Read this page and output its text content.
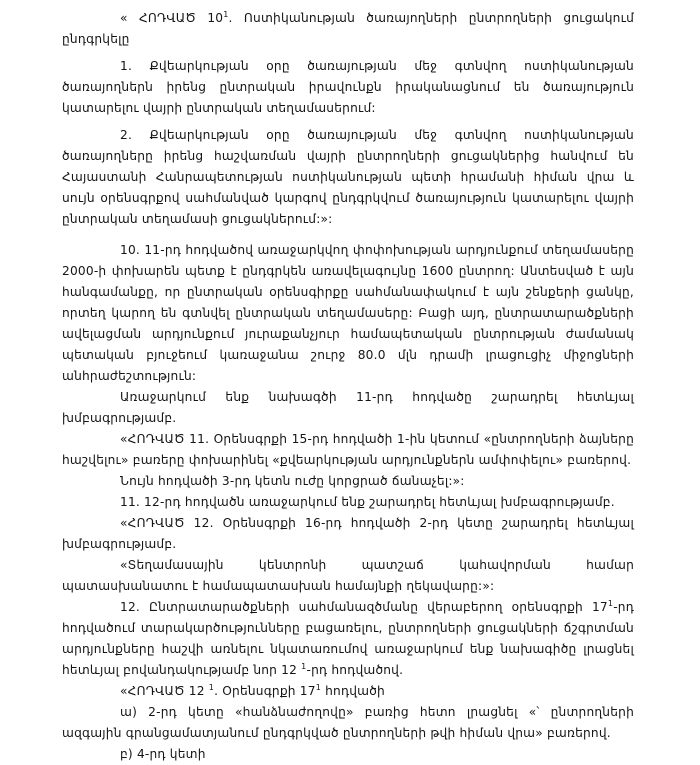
« ՀՈԴՎԱԾ $10^1$. Ոստիկանության ծառայողների ընտրողների ցուցակում ընդգրկելը

1. Քվեարկության օրը ծառայության մեջ գտնվող ոստիկանության ծառայողներն իրենց ընտրական իրավունքն իրականացնում են ծառայություն կատարելու վայրի ընտրական տեղամասերում:

2. Քվեարկության օրը ծառայության մեջ գտնվող ոստիկանության ծառայողները իրենց հաշվառման վայրի ընտրողների ցուցակներից հանվում են Հայաստանի Հանրապետության ոստիկանության պետի հրամանի հիման վրա և սույն օրենսգրքով սահմանված կարգով ընդգրկվում ծառայություն կատարելու վայրի ընտրական տեղամասի ցուցակներում:»:

10. 11-րդ հոդվածով առաջարկվող փոփոխության արդյունքում տեղամասերը 2000-ի փոխարեն պետք է ընդգրկեն առավելագույնը 1600 ընտրող: Անտեսված է այն հանգամանքը, որ ընտրական օրենսգիրքը սահմանափակում է այն շենքերի ցանկը, որտեղ կարող են գտնվել ընտրական տեղամասերը: Բացի այդ, ընտրատարածքների ավելացման արդյունքում յուրաքանչյուր համապետական ընտրության ժամանակ պետական բյուջեում կառաջանա շուրջ 80.0 մլն դրամի լրացուցիչ միջոցների անհրաժեշտություն:

Առաջարկում ենք նախագծի 11-րդ հոդվածը շարադրել հետևյալ խմբագրությամբ.

«ՀՈԴՎԱԾ 11. Օրենսգրքի 15-րդ հոդվածի 1-ին կետում «ընտրողների ձայները հաշվելու» բառերը փոխարինել «քվեարկության արդյունքներն ամփոփելու» բառերով.

Նույն հոդվածի 3-րդ կետն ուժը կորցրած ճանաչել:»:

11. 12-րդ հոդվածն առաջարկում ենք շարադրել հետևյալ խմբագրությամբ.

«ՀՈԴՎԱԾ 12. Օրենսգրքի 16-րդ հոդվածի 2-րդ կետը շարադրել հետևյալ խմբագրությամբ.

«Տեղամասային կենտրոնի պատշաճ կահավորման համար պատասխանատու է համապատասխան համայնքի ղեկավարը:»:

12. Ընտրատարածքների սահմանազծմանը վերաբերող օրենսգրքի $17^1-րդ$ հոդվածում տարակարծությունները բացառելու, ընտրողների ցուցակների ճշգրտման արդյունքները հաշվի առնելու նկատառումով առաջարկում ենք նախագիծը լրացնել հետևյալ բովանդակությամբ նոր 12 $^1$-րդ հոդվածով.

«ՀՈԴՎԱԾ 12 $^1$. Օրենսգրքի $17^1$ հոդվածի

ա) 2-րդ կետը «հանձնաժողովը» բառից հետո լրացնել «՝ ընտրողների ազգային գրանցամատյանում ընդգրկված ընտրողների թվի հիման վրա» բառերով.

բ) 4-րդ կետի
